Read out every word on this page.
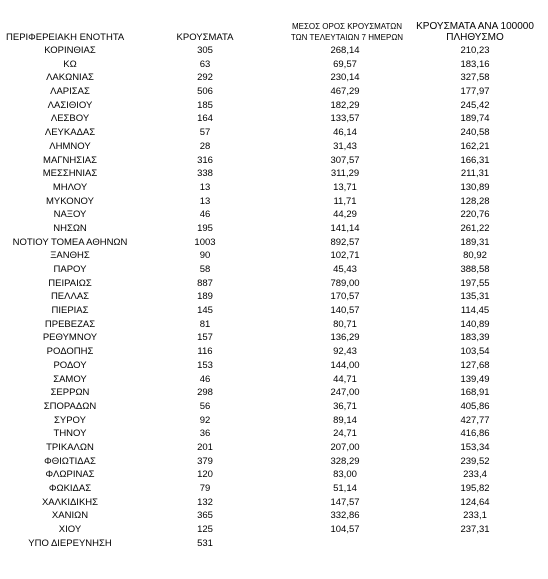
ΠΕΡΙΦΕΡΕΙΑΚΗ ΕΝΟΤΗΤΑ	ΚΡΟΥΣΜΑΤΑ
ΜΕΣΟΣ ΟΡΟΣ ΚΡΟΥΣΜΑΤΩΝ
ΤΩΝ ΤΕΛΕΥΤΑΙΩΝ 7 ΗΜΕΡΩΝ
ΚΡΟΥΣΜΑΤΑ ΑΝΑ 100000
ΠΛΗΘΥΣΜΟ
ΚΟΡΙΝΘΙΑΣ	305	268,14	210,23
ΚΩ	63	69,57	183,16
ΛΑΚΩΝΙΑΣ	292	230,14	327,58
ΛΑΡΙΣΑΣ	506	467,29	177,97
ΛΑΣΙΘΙΟΥ	185	182,29	245,42
ΛΕΣΒΟΥ	164	133,57	189,74
ΛΕΥΚΑΔΑΣ	57	46,14	240,58
ΛΗΜΝΟΥ	28	31,43	162,21
ΜΑΓΝΗΣΙΑΣ	316	307,57	166,31
ΜΕΣΣΗΝΙΑΣ	338	311,29	211,31
ΜΗΛΟΥ	13	13,71	130,89
ΜΥΚΟΝΟΥ	13	11,71	128,28
ΝΑΞΟΥ	46	44,29	220,76
ΝΗΣΩΝ	195	141,14	261,22
ΝΟΤΙΟΥ ΤΟΜΕΑ ΑΘΗΝΩΝ	1003	892,57	189,31
ΞΑΝΘΗΣ	90	102,71	80,92
ΠΑΡΟΥ	58	45,43	388,58
ΠΕΙΡΑΙΩΣ	887	789,00	197,55
ΠΕΛΛΑΣ	189	170,57	135,31
ΠΙΕΡΙΑΣ	145	140,57	114,45
ΠΡΕΒΕΖΑΣ	81	80,71	140,89
ΡΕΘΥΜΝΟΥ	157	136,29	183,39
ΡΟΔΟΠΗΣ	116	92,43	103,54
ΡΟΔΟΥ	153	144,00	127,68
ΣΑΜΟΥ	46	44,71	139,49
ΣΕΡΡΩΝ	298	247,00	168,91
ΣΠΟΡΑΔΩΝ	56	36,71	405,86
ΣΥΡΟΥ	92	89,14	427,77
ΤΗΝΟΥ	36	24,71	416,86
ΤΡΙΚΑΛΩΝ	201	207,00	153,34
ΦΘΙΩΤΙΔΑΣ	379	328,29	239,52
ΦΛΩΡΙΝΑΣ	120	83,00	233,4
ΦΩΚΙΔΑΣ	79	51,14	195,82
ΧΑΛΚΙΔΙΚΗΣ	132	147,57	124,64
ΧΑΝΙΩΝ	365	332,86	233,1
ΧΙΟΥ	125	104,57	237,31
ΥΠΟ ΔΙΕΡΕΥΝΗΣΗ	531
